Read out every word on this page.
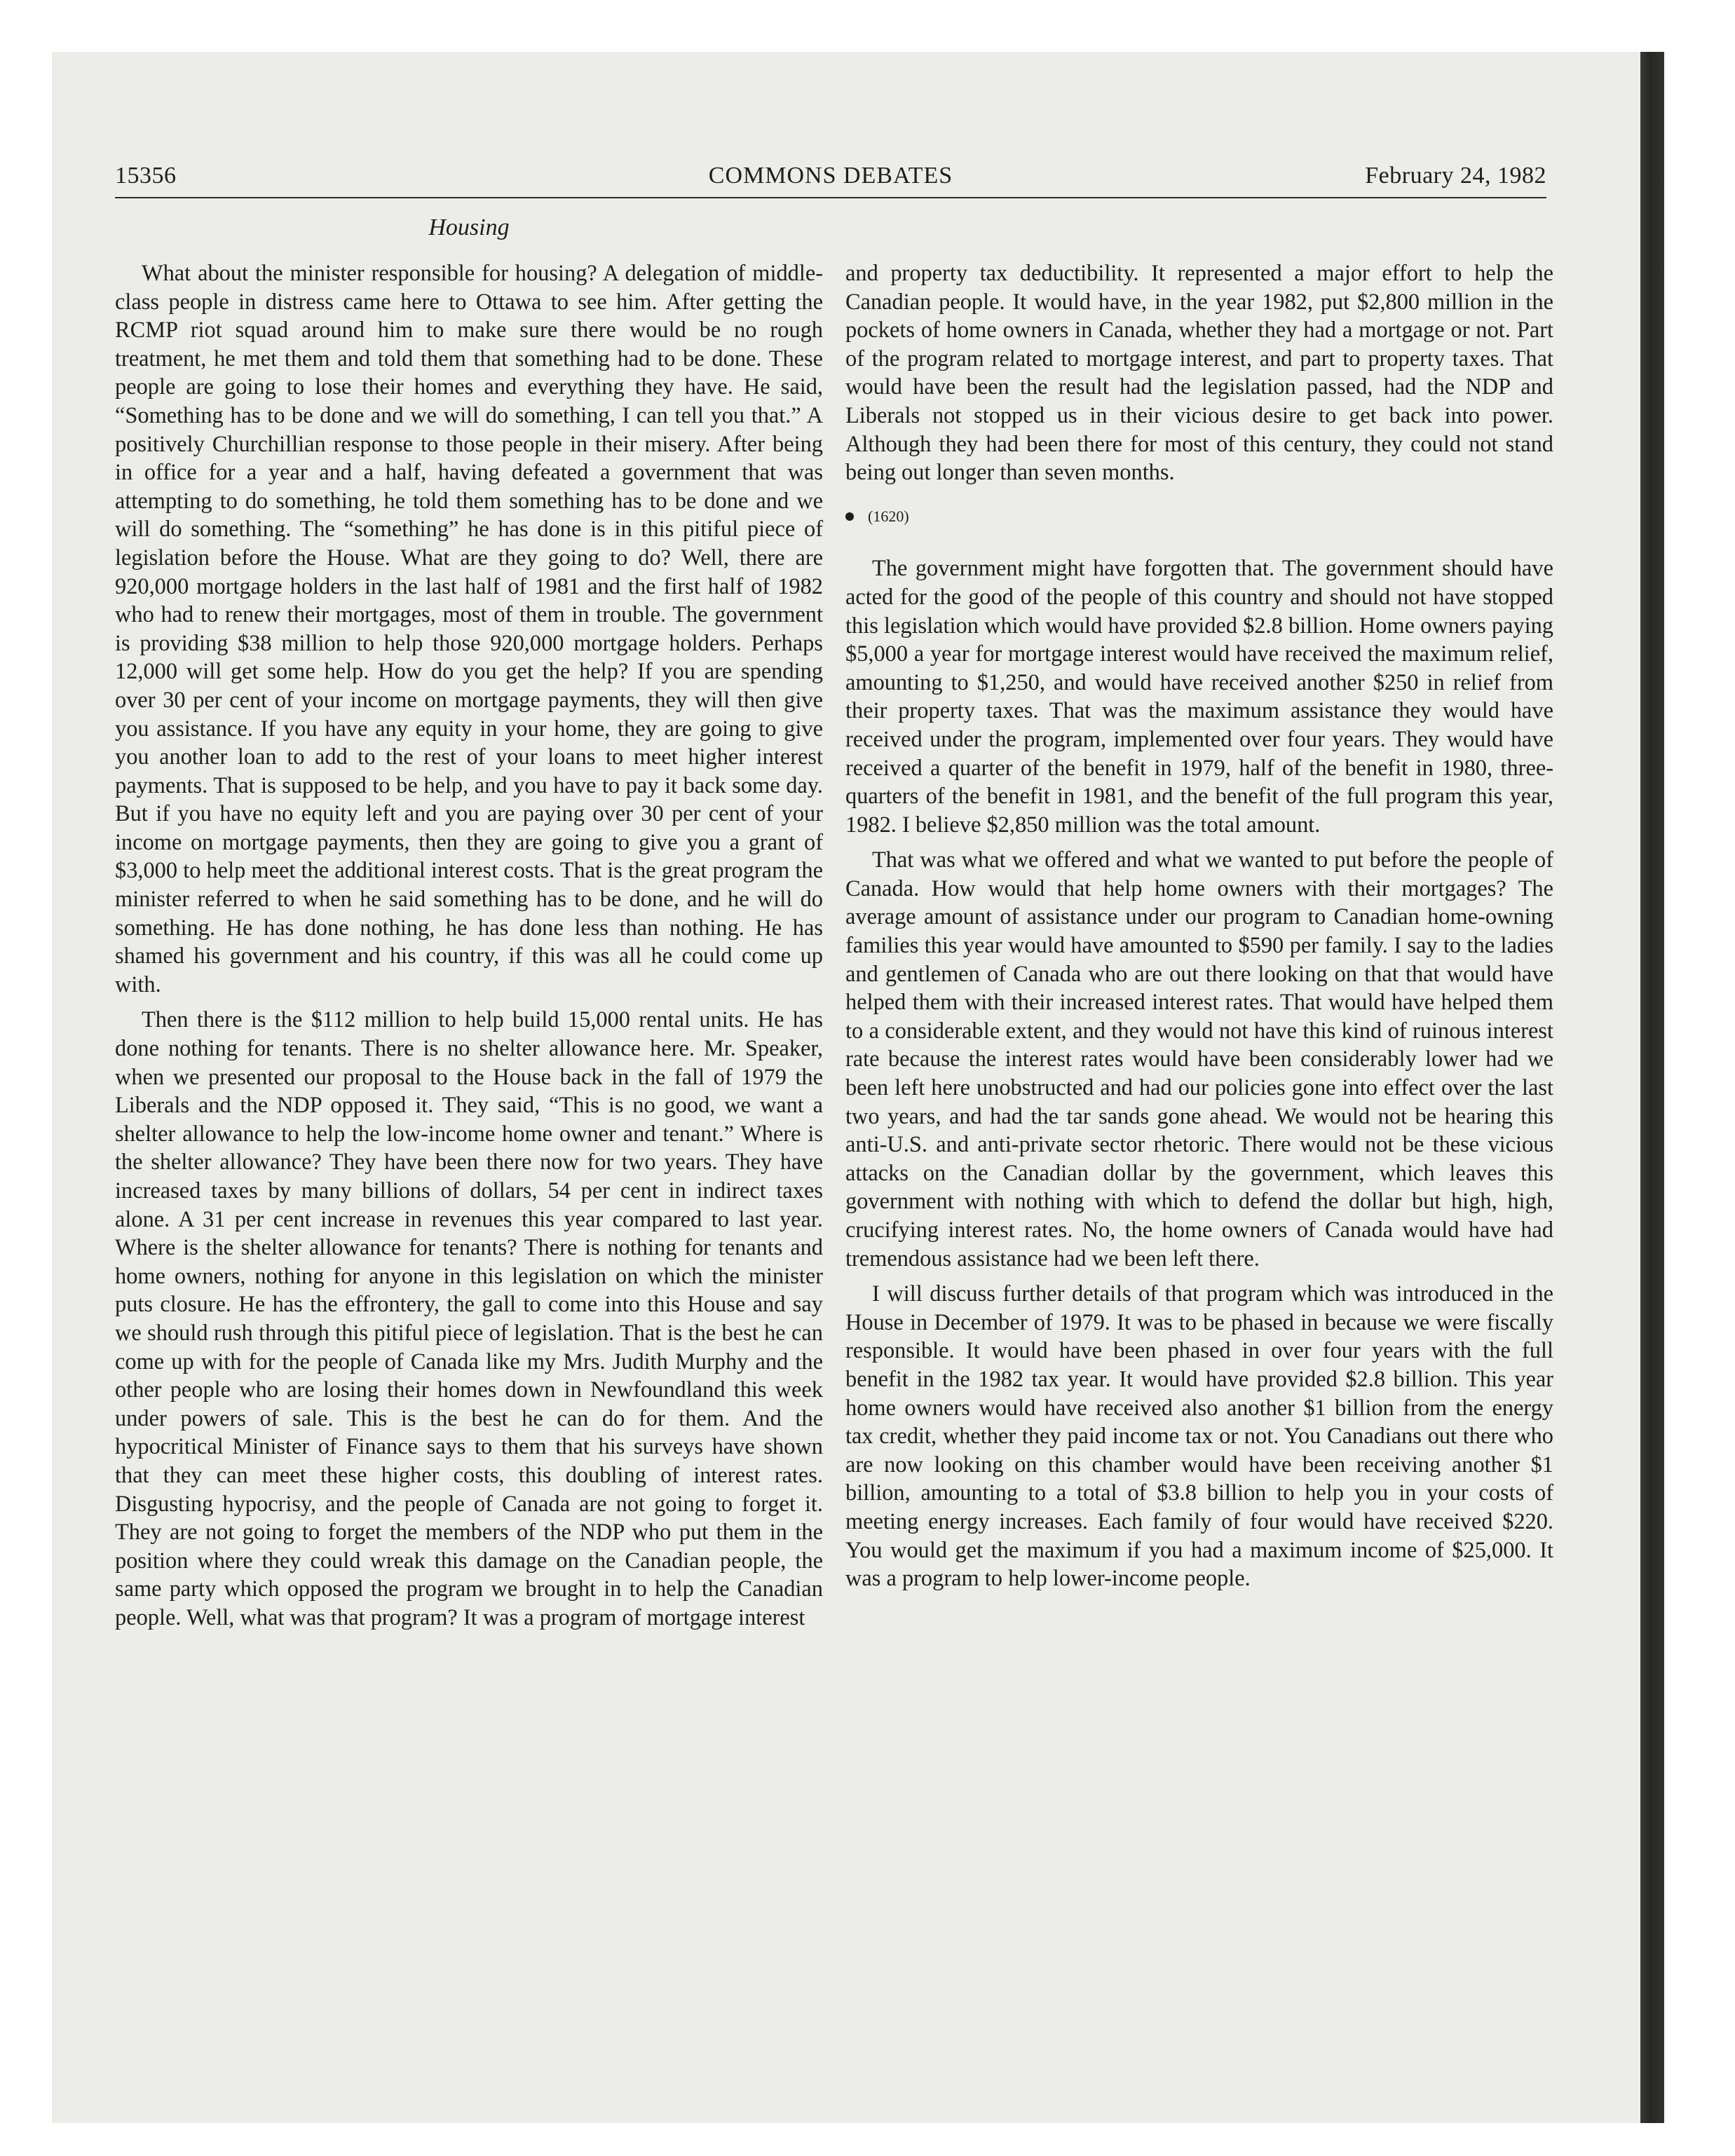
15356	COMMONS DEBATES	February 24, 1982
Housing

What about the minister responsible for housing? A delegation of middle-class people in distress came here to Ottawa to see him. After getting the RCMP riot squad around him to make sure there would be no rough treatment, he met them and told them that something had to be done. These people are going to lose their homes and everything they have. He said, “Something has to be done and we will do something, I can tell you that.” A positively Churchillian response to those people in their misery. After being in office for a year and a half, having defeated a government that was attempting to do something, he told them something has to be done and we will do something. The “something” he has done is in this pitiful piece of legislation before the House. What are they going to do? Well, there are 920,000 mortgage holders in the last half of 1981 and the first half of 1982 who had to renew their mortgages, most of them in trouble. The government is providing $38 million to help those 920,000 mortgage holders. Perhaps 12,000 will get some help. How do you get the help? If you are spending over 30 per cent of your income on mortgage payments, they will then give you assistance. If you have any equity in your home, they are going to give you another loan to add to the rest of your loans to meet higher interest payments. That is supposed to be help, and you have to pay it back some day. But if you have no equity left and you are paying over 30 per cent of your income on mortgage payments, then they are going to give you a grant of $3,000 to help meet the additional interest costs. That is the great program the minister referred to when he said something has to be done, and he will do something. He has done nothing, he has done less than nothing. He has shamed his government and his country, if this was all he could come up with.

Then there is the $112 million to help build 15,000 rental units. He has done nothing for tenants. There is no shelter allowance here. Mr. Speaker, when we presented our proposal to the House back in the fall of 1979 the Liberals and the NDP opposed it. They said, “This is no good, we want a shelter allowance to help the low-income home owner and tenant.” Where is the shelter allowance? They have been there now for two years. They have increased taxes by many billions of dollars, 54 per cent in indirect taxes alone. A 31 per cent increase in revenues this year compared to last year. Where is the shelter allowance for tenants? There is nothing for tenants and home owners, nothing for anyone in this legislation on which the minister puts closure. He has the effrontery, the gall to come into this House and say we should rush through this pitiful piece of legislation. That is the best he can come up with for the people of Canada like my Mrs. Judith Murphy and the other people who are losing their homes down in Newfoundland this week under powers of sale. This is the best he can do for them. And the hypocritical Minister of Finance says to them that his surveys have shown that they can meet these higher costs, this doubling of interest rates. Disgusting hypocrisy, and the people of Canada are not going to forget it. They are not going to forget the members of the NDP who put them in the position where they could wreak this damage on the Canadian people, the same party which opposed the program we brought in to help the Canadian people. Well, what was that program? It was a program of mortgage interest

and property tax deductibility. It represented a major effort to help the Canadian people. It would have, in the year 1982, put $2,800 million in the pockets of home owners in Canada, whether they had a mortgage or not. Part of the program related to mortgage interest, and part to property taxes. That would have been the result had the legislation passed, had the NDP and Liberals not stopped us in their vicious desire to get back into power. Although they had been there for most of this century, they could not stand being out longer than seven months.

(1620)

The government might have forgotten that. The government should have acted for the good of the people of this country and should not have stopped this legislation which would have provided $2.8 billion. Home owners paying $5,000 a year for mortgage interest would have received the maximum relief, amounting to $1,250, and would have received another $250 in relief from their property taxes. That was the maximum assistance they would have received under the program, implemented over four years. They would have received a quarter of the benefit in 1979, half of the benefit in 1980, three-quarters of the benefit in 1981, and the benefit of the full program this year, 1982. I believe $2,850 million was the total amount.

That was what we offered and what we wanted to put before the people of Canada. How would that help home owners with their mortgages? The average amount of assistance under our program to Canadian home-owning families this year would have amounted to $590 per family. I say to the ladies and gentlemen of Canada who are out there looking on that that would have helped them with their increased interest rates. That would have helped them to a considerable extent, and they would not have this kind of ruinous interest rate because the interest rates would have been considerably lower had we been left here unobstructed and had our policies gone into effect over the last two years, and had the tar sands gone ahead. We would not be hearing this anti-U.S. and anti-private sector rhetoric. There would not be these vicious attacks on the Canadian dollar by the government, which leaves this government with nothing with which to defend the dollar but high, high, crucifying interest rates. No, the home owners of Canada would have had tremendous assistance had we been left there.

I will discuss further details of that program which was introduced in the House in December of 1979. It was to be phased in because we were fiscally responsible. It would have been phased in over four years with the full benefit in the 1982 tax year. It would have provided $2.8 billion. This year home owners would have received also another $1 billion from the energy tax credit, whether they paid income tax or not. You Canadians out there who are now looking on this chamber would have been receiving another $1 billion, amounting to a total of $3.8 billion to help you in your costs of meeting energy increases. Each family of four would have received $220. You would get the maximum if you had a maximum income of $25,000. It was a program to help lower-income people.
